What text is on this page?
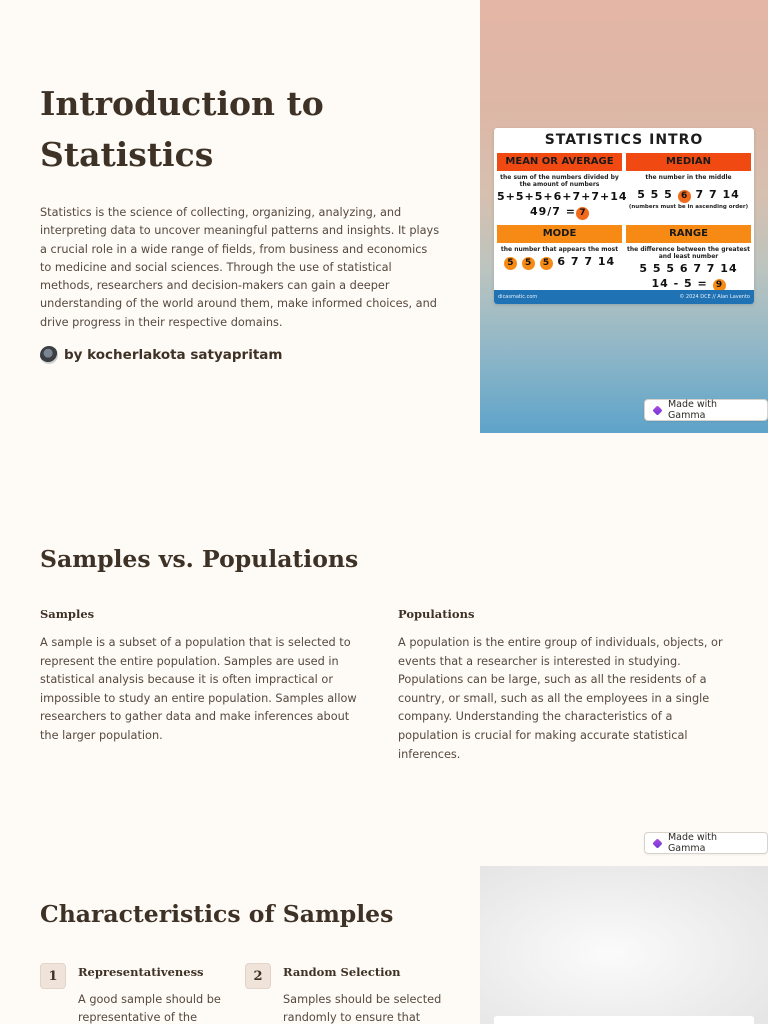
Introduction to Statistics

Statistics is the science of collecting, organizing, analyzing, and interpreting data to uncover meaningful patterns and insights. It plays a crucial role in a wide range of fields, from business and economics to medicine and social sciences. Through the use of statistical methods, researchers and decision-makers can gain a deeper understanding of the world around them, make informed choices, and drive progress in their respective domains.

by kocherlakota satyapritam
STATISTICS INTRO
MEAN OR AVERAGE
the sum of the numbers divided by the amount of numbers
5+5+5+6+7+7+14
49/7 = 7
MEDIAN
the number in the middle
5 5 5 6 7 7 14
(numbers must be in ascending order)
MODE
the number that appears the most
5 5 5 6 7 7 14
RANGE
the difference between the greatest and least number
5 5 5 6 7 7 14
14 - 5 = 9
dicasmatic.com	© 2024 DCE // Alan Lavento
Made with Gamma
Samples vs. Populations
Samples

A sample is a subset of a population that is selected to represent the entire population. Samples are used in statistical analysis because it is often impractical or impossible to study an entire population. Samples allow researchers to gather data and make inferences about the larger population.

Populations

A population is the entire group of individuals, objects, or events that a researcher is interested in studying. Populations can be large, such as all the residents of a country, or small, such as all the employees in a single company. Understanding the characteristics of a population is crucial for making accurate statistical inferences.

Made with Gamma
Characteristics of Samples
1	Representativeness

A good sample should be representative of the

2	Random Selection

Samples should be selected randomly to ensure that
